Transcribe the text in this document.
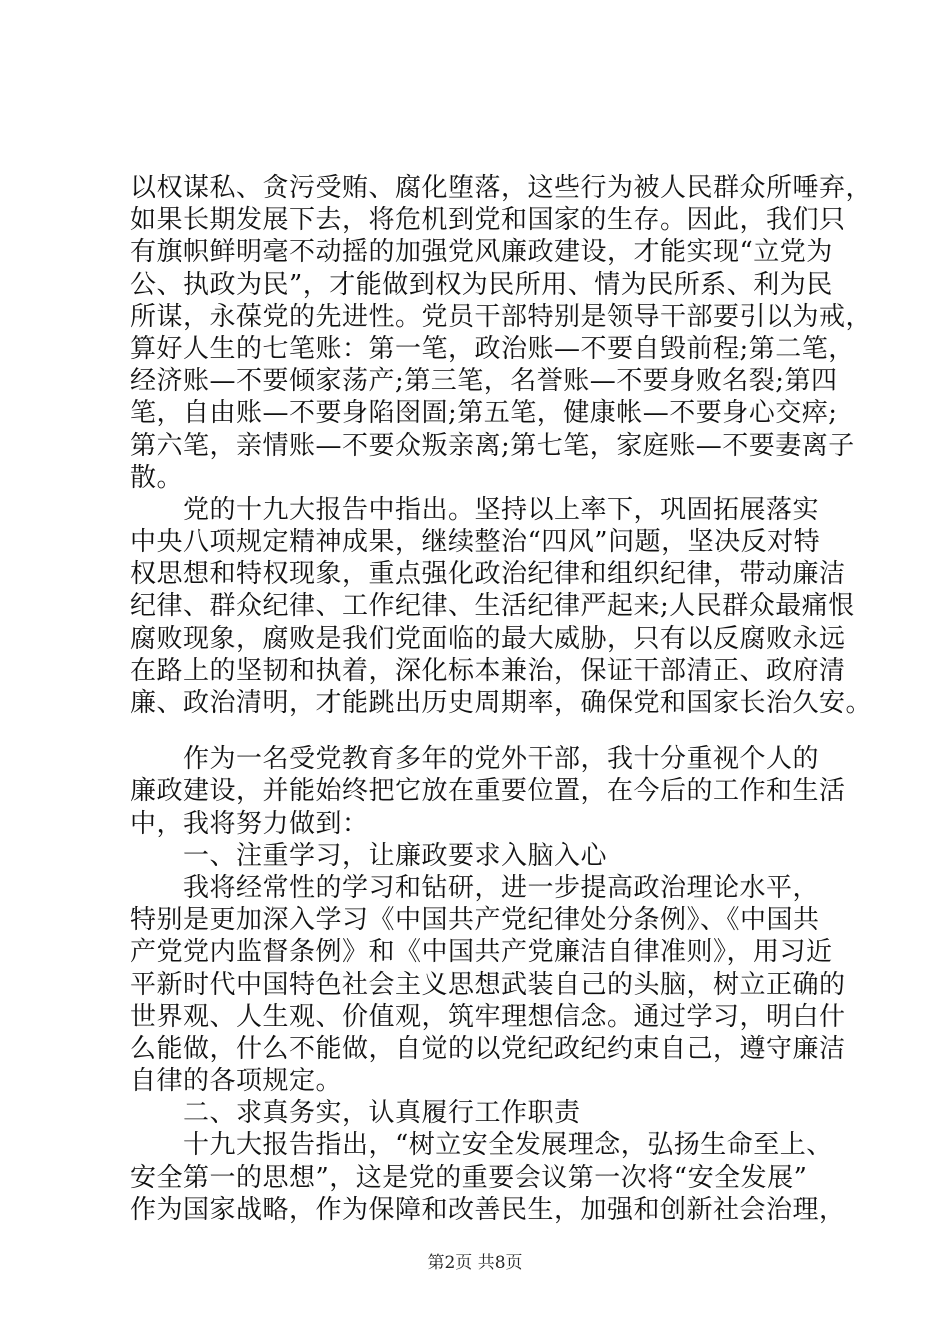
以权谋私、贪污受贿、腐化堕落，这些行为被人民群众所唾弃，
如果长期发展下去，将危机到党和国家的生存。因此，我们只
有旗帜鲜明毫不动摇的加强党风廉政建设，才能实现“立党为
公、执政为民”，才能做到权为民所用、情为民所系、利为民
所谋，永葆党的先进性。党员干部特别是领导干部要引以为戒，
算好人生的七笔账：第一笔，政治账—不要自毁前程;第二笔，
经济账—不要倾家荡产;第三笔，名誉账—不要身败名裂;第四
笔，自由账—不要身陷囹圄;第五笔，健康帐—不要身心交瘁;
第六笔，亲情账—不要众叛亲离;第七笔，家庭账—不要妻离子
散。
　　党的十九大报告中指出。坚持以上率下，巩固拓展落实
中央八项规定精神成果，继续整治“四风”问题，坚决反对特
权思想和特权现象，重点强化政治纪律和组织纪律，带动廉洁
纪律、群众纪律、工作纪律、生活纪律严起来;人民群众最痛恨
腐败现象，腐败是我们党面临的最大威胁，只有以反腐败永远
在路上的坚韧和执着，深化标本兼治，保证干部清正、政府清
廉、政治清明，才能跳出历史周期率，确保党和国家长治久安。
　　作为一名受党教育多年的党外干部，我十分重视个人的
廉政建设，并能始终把它放在重要位置，在今后的工作和生活
中，我将努力做到：
　　一、注重学习，让廉政要求入脑入心
　　我将经常性的学习和钻研，进一步提高政治理论水平，
特别是更加深入学习《中国共产党纪律处分条例》、《中国共
产党党内监督条例》和《中国共产党廉洁自律准则》，用习近
平新时代中国特色社会主义思想武装自己的头脑，树立正确的
世界观、人生观、价值观，筑牢理想信念。通过学习，明白什
么能做，什么不能做，自觉的以党纪政纪约束自己，遵守廉洁
自律的各项规定。
　　二、求真务实，认真履行工作职责
　　十九大报告指出，“树立安全发展理念，弘扬生命至上、
安全第一的思想”，这是党的重要会议第一次将“安全发展”
作为国家战略，作为保障和改善民生，加强和创新社会治理，
第2页 共8页
